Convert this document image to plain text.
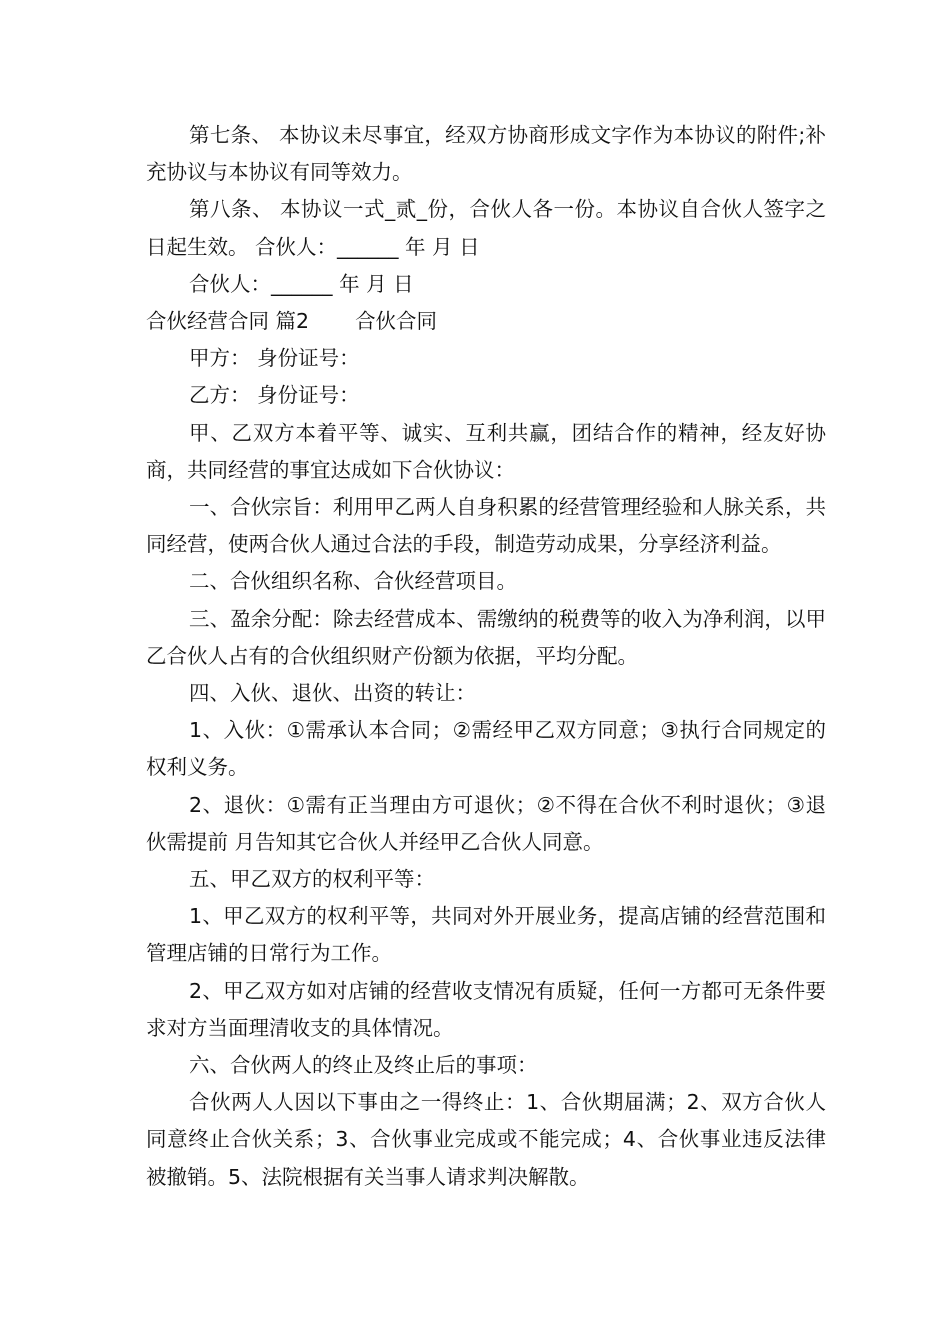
第七条、 本协议未尽事宜，经双方协商形成文字作为本协议的附件;补充协议与本协议有同等效力。

第八条、 本协议一式_贰_份，合伙人各一份。本协议自合伙人签字之日起生效。 合伙人：______ 年 月 日

合伙人：______ 年 月 日

合伙经营合同 篇2 合伙合同

甲方： 身份证号：

乙方： 身份证号：

甲、乙双方本着平等、诚实、互利共赢，团结合作的精神，经友好协商，共同经营的事宜达成如下合伙协议：

一、合伙宗旨：利用甲乙两人自身积累的经营管理经验和人脉关系，共同经营，使两合伙人通过合法的手段，制造劳动成果，分享经济利益。

二、合伙组织名称、合伙经营项目。

三、盈余分配：除去经营成本、需缴纳的税费等的收入为净利润，以甲乙合伙人占有的合伙组织财产份额为依据，平均分配。

四、入伙、退伙、出资的转让：

1、入伙：①需承认本合同；②需经甲乙双方同意；③执行合同规定的权利义务。

2、退伙：①需有正当理由方可退伙；②不得在合伙不利时退伙；③退伙需提前 月告知其它合伙人并经甲乙合伙人同意。

五、甲乙双方的权利平等：

1、甲乙双方的权利平等，共同对外开展业务，提高店铺的经营范围和管理店铺的日常行为工作。

2、甲乙双方如对店铺的经营收支情况有质疑，任何一方都可无条件要求对方当面理清收支的具体情况。

六、合伙两人的终止及终止后的事项：

合伙两人人因以下事由之一得终止：1、合伙期届满；2、双方合伙人同意终止合伙关系；3、合伙事业完成或不能完成；4、合伙事业违反法律被撤销。5、法院根据有关当事人请求判决解散。
